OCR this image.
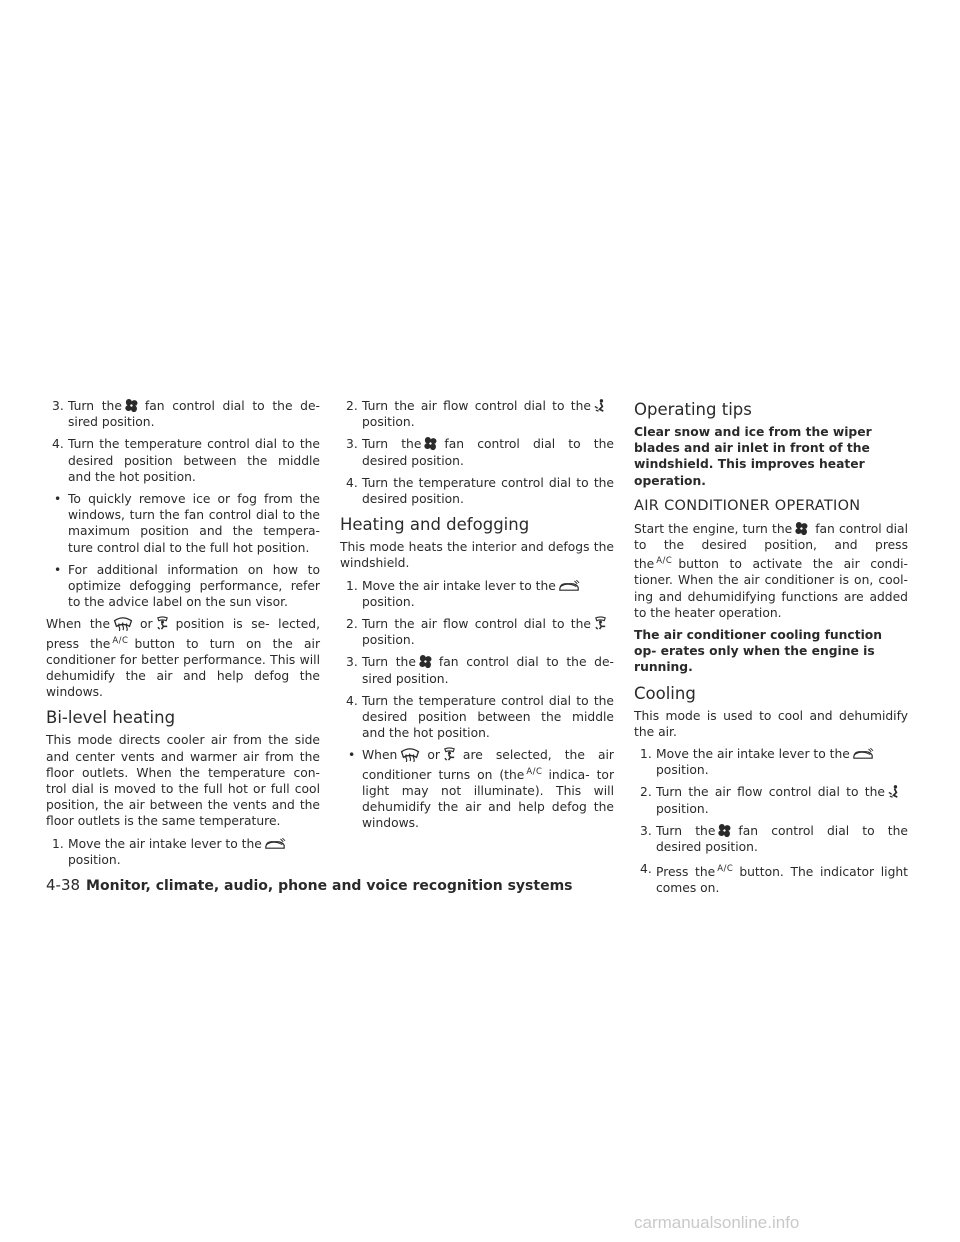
3. Turn the fan control dial to the de- sired position.
4. Turn the temperature control dial to the desired position between the middle and the hot position.
• To quickly remove ice or fog from the windows, turn the fan control dial to the maximum position and the tempera- ture control dial to the full hot position.
• For additional information on how to optimize defogging performance, refer to the advice label on the sun visor.

When the or position is se- lected, press the $^{A/C}$ button to turn on the air conditioner for better performance. This will dehumidify the air and help defog the windows.

Bi-level heating

This mode directs cooler air from the side and center vents and warmer air from the floor outlets. When the temperature con- trol dial is moved to the full hot or full cool position, the air between the vents and the floor outlets is the same temperature.

1. Move the air intake lever to the
position.
2. Turn the air flow control dial to theposition.
3. Turn the fan control dial to the desired position.
4. Turn the temperature control dial to the desired position.
Heating and defogging

This mode heats the interior and defogs the windshield.

1. Move the air intake lever to the
position.
2. Turn the air flow control dial to theposition.
3. Turn the fan control dial to the de- sired position.
4. Turn the temperature control dial to the desired position between the middle and the hot position.
• When or are selected, the air conditioner turns on (the $^{A/C}$ indica- tor light may not illuminate). This will dehumidify the air and help defog the windows.
Operating tips

Clear snow and ice from the wiper blades and air inlet in front of the windshield. This improves heater operation.

AIR CONDITIONER OPERATION

Start the engine, turn the fan control dial to the desired position, and press the $^{A/C}$ button to activate the air condi- tioner. When the air conditioner is on, cool- ing and dehumidifying functions are added to the heater operation.

The air conditioner cooling function op- erates only when the engine is running.

Cooling

This mode is used to cool and dehumidify the air.

1. Move the air intake lever to the
position.
2. Turn the air flow control dial to theposition.
3. Turn the fan control dial to the desired position.
4. Press the $^{A/C}$ button. The indicator light comes on.
4-38 Monitor, climate, audio, phone and voice recognition systems
carmanualsonline.info
